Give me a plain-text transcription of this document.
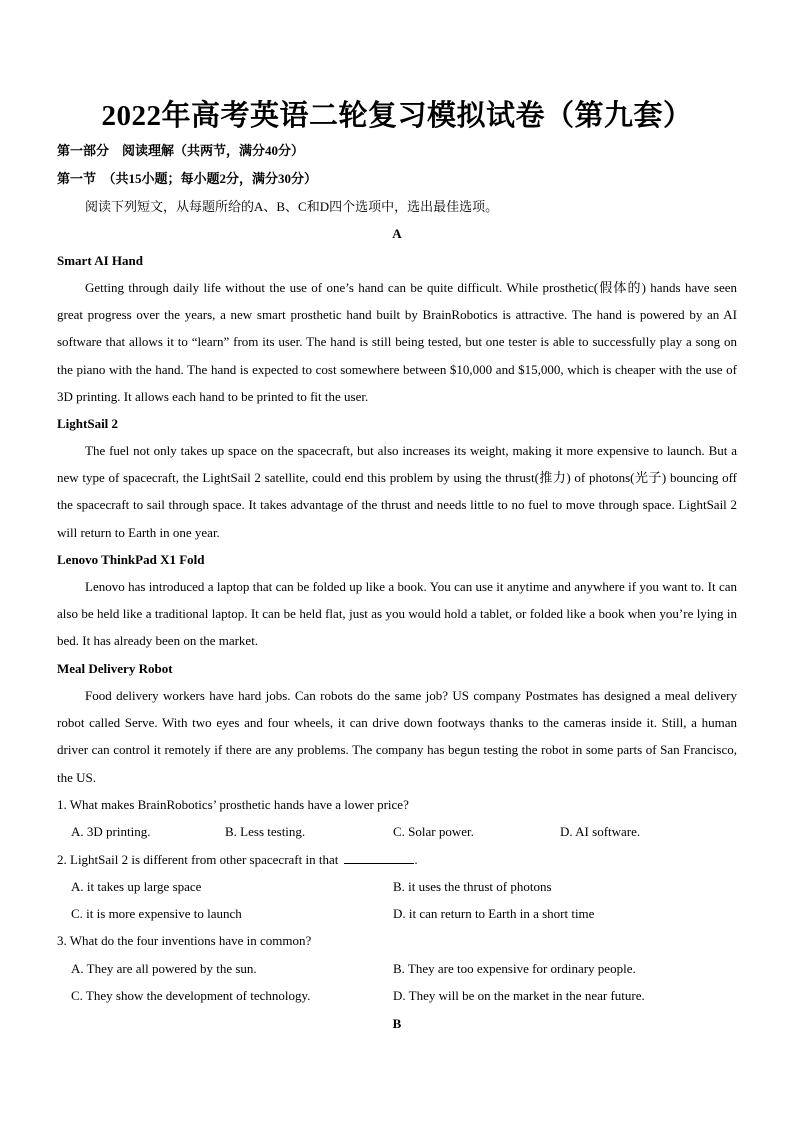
2022年高考英语二轮复习模拟试卷（第九套）
第一部分　阅读理解（共两节，满分40分）
第一节　（共15小题；每小题2分，满分30分）
阅读下列短文，从每题所给的A、B、C和D四个选项中，选出最佳选项。
A
Smart AI Hand
Getting through daily life without the use of one’s hand can be quite difficult. While prosthetic(假体的) hands have seen great progress over the years, a new smart prosthetic hand built by BrainRobotics is attractive. The hand is powered by an AI software that allows it to “learn” from its user. The hand is still being tested, but one tester is able to successfully play a song on the piano with the hand. The hand is expected to cost somewhere between $10,000 and $15,000, which is cheaper with the use of 3D printing. It allows each hand to be printed to fit the user.
LightSail 2
The fuel not only takes up space on the spacecraft, but also increases its weight, making it more expensive to launch. But a new type of spacecraft, the LightSail 2 satellite, could end this problem by using the thrust(推力) of photons(光子) bouncing off the spacecraft to sail through space. It takes advantage of the thrust and needs little to no fuel to move through space. LightSail 2 will return to Earth in one year.
Lenovo ThinkPad X1 Fold
Lenovo has introduced a laptop that can be folded up like a book. You can use it anytime and anywhere if you want to. It can also be held like a traditional laptop. It can be held flat, just as you would hold a tablet, or folded like a book when you’re lying in bed. It has already been on the market.
Meal Delivery Robot
Food delivery workers have hard jobs. Can robots do the same job? US company Postmates has designed a meal delivery robot called Serve. With two eyes and four wheels, it can drive down footways thanks to the cameras inside it. Still, a human driver can control it remotely if there are any problems. The company has begun testing the robot in some parts of San Francisco, the US.
1. What makes BrainRobotics’ prosthetic hands have a lower price?
A. 3D printing.	B. Less testing.	C. Solar power.	D. AI software.
2. LightSail 2 is different from other spacecraft in that	.
A. it takes up large space	B. it uses the thrust of photons
C. it is more expensive to launch	D. it can return to Earth in a short time
3. What do the four inventions have in common?
A. They are all powered by the sun.	B. They are too expensive for ordinary people.
C. They show the development of technology.	D. They will be on the market in the near future.
B
